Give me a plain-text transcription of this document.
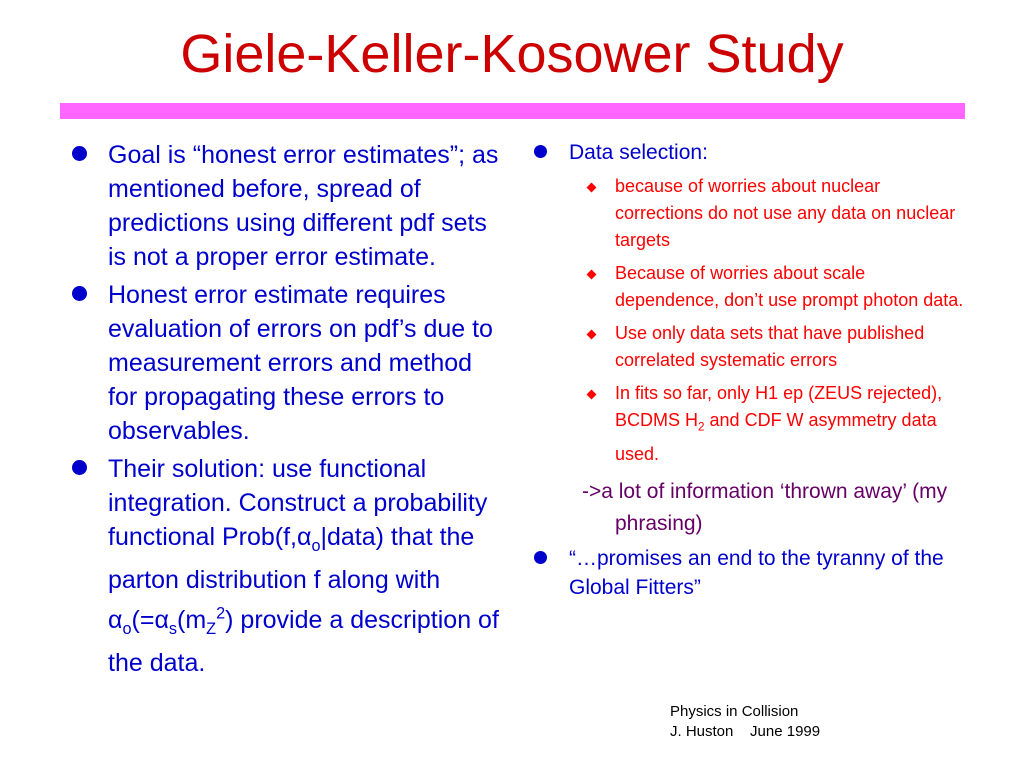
Giele-Keller-Kosower Study
Goal is “honest error estimates”; as mentioned before, spread of predictions using different pdf sets is not a proper error estimate.
Honest error estimate requires evaluation of errors on pdf’s due to measurement errors and method for propagating these errors to observables.
Their solution: use functional integration. Construct a probability functional $Prob(f,\alpha_o|data)$ that the parton distribution f along with $\alpha_o(=\alpha_s(m_Z^2)$ provide a description of the data.
Data selection:
because of worries about nuclear corrections do not use any data on nuclear targets
Because of worries about scale dependence, don’t use prompt photon data.
Use only data sets that have published correlated systematic errors
In fits so far, only H1 ep (ZEUS rejected), BCDMS $H_2$ and CDF W asymmetry data used.
->a lot of information ‘thrown away’ (my phrasing)
“…promises an end to the tyranny of the Global Fitters”
Physics in Collision
J. Huston    June 1999
